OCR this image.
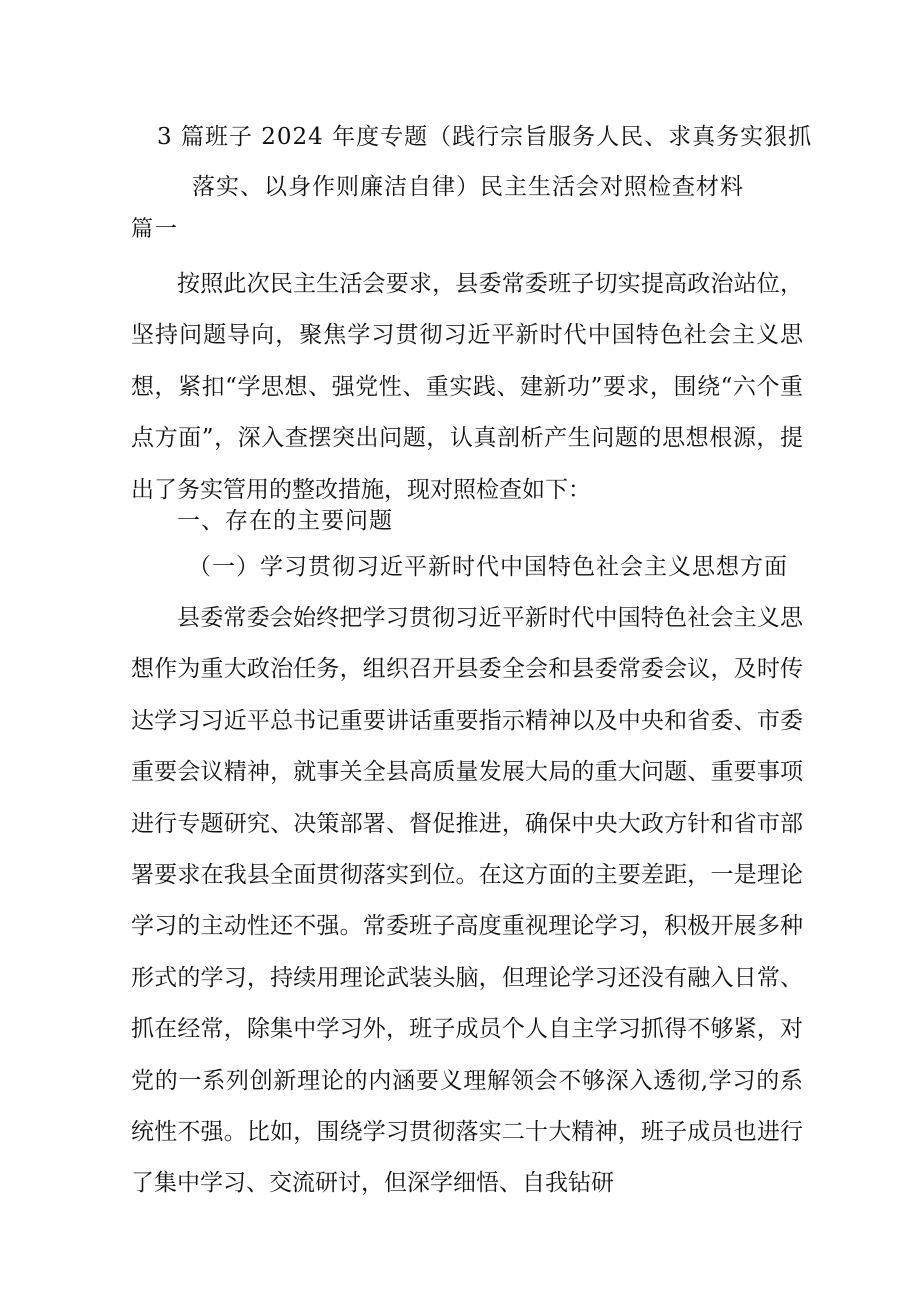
3 篇班子 2024 年度专题（践行宗旨服务人民、求真务实狠抓
落实、以身作则廉洁自律）民主生活会对照检查材料
篇一
按照此次民主生活会要求，县委常委班子切实提高政治站位，坚持问题导向，聚焦学习贯彻习近平新时代中国特色社会主义思想，紧扣“学思想、强党性、重实践、建新功”要求，围绕“六个重点方面”，深入查摆突出问题，认真剖析产生问题的思想根源，提出了务实管用的整改措施，现对照检查如下：
一、存在的主要问题
（一）学习贯彻习近平新时代中国特色社会主义思想方面
县委常委会始终把学习贯彻习近平新时代中国特色社会主义思想作为重大政治任务，组织召开县委全会和县委常委会议，及时传达学习习近平总书记重要讲话重要指示精神以及中央和省委、市委重要会议精神，就事关全县高质量发展大局的重大问题、重要事项进行专题研究、决策部署、督促推进，确保中央大政方针和省市部署要求在我县全面贯彻落实到位。在这方面的主要差距，一是理论学习的主动性还不强。常委班子高度重视理论学习，积极开展多种形式的学习，持续用理论武装头脑，但理论学习还没有融入日常、抓在经常，除集中学习外，班子成员个人自主学习抓得不够紧，对党的一系列创新理论的内涵要义理解领会不够深入透彻,学习的系统性不强。比如，围绕学习贯彻落实二十大精神，班子成员也进行了集中学习、交流研讨，但深学细悟、自我钻研
